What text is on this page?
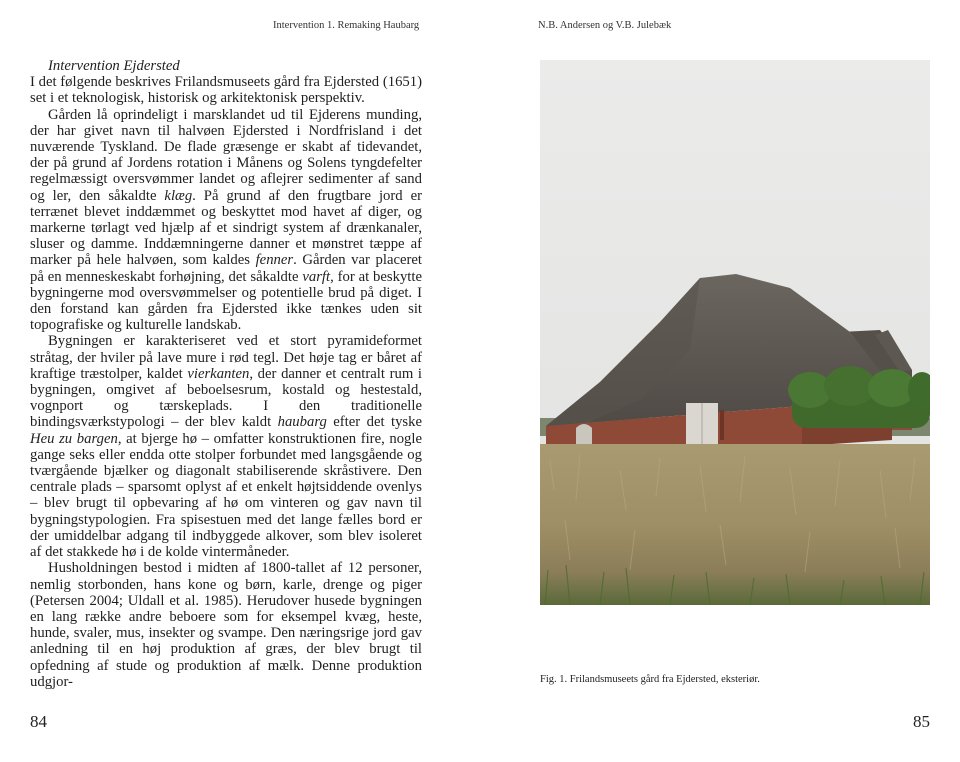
Intervention 1. Remaking Haubarg	N.B. Andersen og V.B. Julebæk

Intervention Ejdersted

I det følgende beskrives Frilandsmuseets gård fra Ejdersted (1651) set i et teknologisk, historisk og arkitektonisk perspektiv.

Gården lå oprindeligt i marsklandet ud til Ejderens munding, der har givet navn til halvøen Ejdersted i Nordfrisland i det nuværende Tyskland. De flade græsenge er skabt af tidevandet, der på grund af Jordens rotation i Månens og Solens tyngdefelter regelmæssigt oversvømmer landet og aflejrer sedimenter af sand og ler, den såkaldte klæg. På grund af den frugtbare jord er terrænet blevet inddæmmet og beskyttet mod havet af diger, og markerne tørlagt ved hjælp af et sindrigt system af drænkanaler, sluser og damme. Inddæmningerne danner et mønstret tæppe af marker på hele halvøen, som kaldes fenner. Gården var placeret på en menneskeskabt forhøjning, det såkaldte varft, for at beskytte bygningerne mod oversvømmelser og potentielle brud på diget. I den forstand kan gården fra Ejdersted ikke tænkes uden sit topografiske og kulturelle landskab.

Bygningen er karakteriseret ved et stort pyramideformet stråtag, der hviler på lave mure i rød tegl. Det høje tag er båret af kraftige træstolper, kaldet vierkanten, der danner et centralt rum i bygningen, omgivet af beboelsesrum, kostald og hestestald, vognport og tærskeplads. I den traditionelle bindingsværkstypologi – der blev kaldt haubarg efter det tyske Heu zu bargen, at bjerge hø – omfatter konstruktionen fire, nogle gange seks eller endda otte stolper forbundet med langsgående og tværgående bjælker og diagonalt stabiliserende skråstivere. Den centrale plads – sparsomt oplyst af et enkelt højtsiddende ovenlys – blev brugt til opbevaring af hø om vinteren og gav navn til bygningstypologien. Fra spisestuen med det lange fælles bord er der umiddelbar adgang til indbyggede alkover, som blev isoleret af det stakkede hø i de kolde vintermåneder.

Husholdningen bestod i midten af 1800-tallet af 12 personer, nemlig storbonden, hans kone og børn, karle, drenge og piger (Petersen 2004; Uldall et al. 1985). Herudover husede bygningen en lang række andre beboere som for eksempel kvæg, heste, hunde, svaler, mus, insekter og svampe. Den næringsrige jord gav anledning til en høj produktion af græs, der blev brugt til opfedning af stude og produktion af mælk. Denne produktion udgjor-	Fig. 1. Frilandsmuseets gård fra Ejdersted, eksteriør.
84	85
